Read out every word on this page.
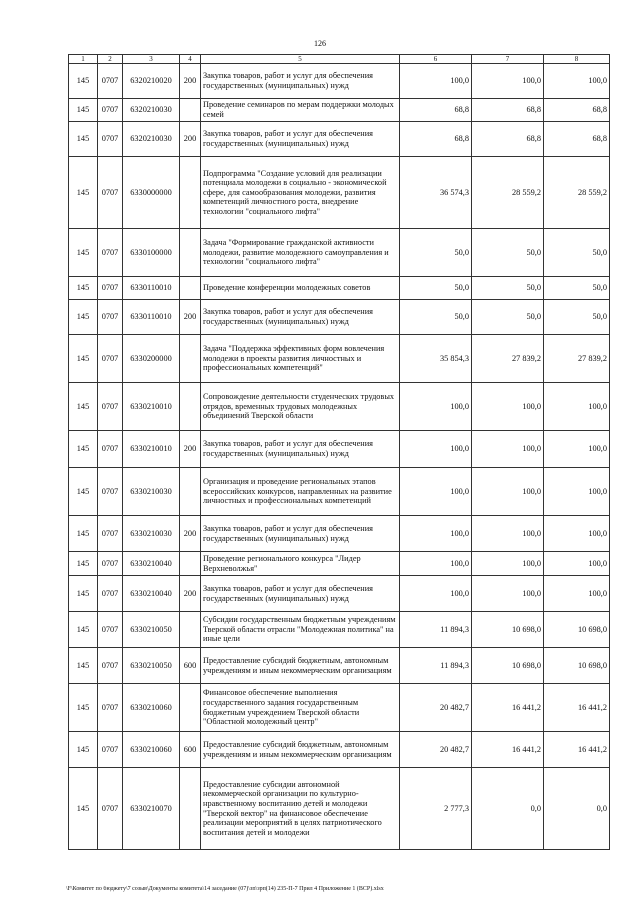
126
1	2	3	4	5	6	7	8
145	0707	6320210020	200	Закупка товаров, работ и услуг для обеспечения государственных (муниципальных) нужд	100,0	100,0	100,0
145	0707	6320210030		Проведение семинаров по мерам поддержки молодых семей	68,8	68,8	68,8
145	0707	6320210030	200	Закупка товаров, работ и услуг для обеспечения государственных (муниципальных) нужд	68,8	68,8	68,8
145	0707	6330000000		Подпрограмма "Создание условий для реализации потенциала молодежи в социально - экономической сфере, для самообразования молодежи, развития компетенций личностного роста, внедрение технологии "социального лифта"	36 574,3	28 559,2	28 559,2
145	0707	6330100000		Задача "Формирование гражданской активности молодежи, развитие молодежного самоуправления и технологии "социального лифта"	50,0	50,0	50,0
145	0707	6330110010		Проведение конференции молодежных советов	50,0	50,0	50,0
145	0707	6330110010	200	Закупка товаров, работ и услуг для обеспечения государственных (муниципальных) нужд	50,0	50,0	50,0
145	0707	6330200000		Задача "Поддержка эффективных форм вовлечения молодежи в проекты развития личностных и профессиональных компетенций"	35 854,3	27 839,2	27 839,2
145	0707	6330210010		Сопровождение деятельности студенческих трудовых отрядов, временных трудовых молодежных объединений Тверской области	100,0	100,0	100,0
145	0707	6330210010	200	Закупка товаров, работ и услуг для обеспечения государственных (муниципальных) нужд	100,0	100,0	100,0
145	0707	6330210030		Организация и проведение региональных этапов всероссийских конкурсов, направленных на развитие личностных и профессиональных компетенций	100,0	100,0	100,0
145	0707	6330210030	200	Закупка товаров, работ и услуг для обеспечения государственных (муниципальных) нужд	100,0	100,0	100,0
145	0707	6330210040		Проведение регионального конкурса "Лидер Верхневолжья"	100,0	100,0	100,0
145	0707	6330210040	200	Закупка товаров, работ и услуг для обеспечения государственных (муниципальных) нужд	100,0	100,0	100,0
145	0707	6330210050		Субсидии государственным бюджетным учреждениям Тверской области отрасли "Молодежная политика" на иные цели	11 894,3	10 698,0	10 698,0
145	0707	6330210050	600	Предоставление субсидий бюджетным, автономным учреждениям и иным некоммерческим организациям	11 894,3	10 698,0	10 698,0
145	0707	6330210060		Финансовое обеспечение выполнения государственного задания государственным бюджетным учреждением Тверской области "Областной молодежный центр"	20 482,7	16 441,2	16 441,2
145	0707	6330210060	600	Предоставление субсидий бюджетным, автономным учреждениям и иным некоммерческим организациям	20 482,7	16 441,2	16 441,2
145	0707	6330210070		Предоставление субсидии автономной некоммерческой организации по культурно-нравственному воспитанию детей и молодежи "Тверской вектор" на финансовое обеспечение реализации мероприятий в целях патриотического воспитания детей и молодежи	2 777,3	0,0	0,0
\F\Комитет по бюджету\7 созыв\Документы комитета\14 заседание (07)\зп\зрп(14) 235-П-7 Прил 4 Приложение 1 (ВСР).xlsx
